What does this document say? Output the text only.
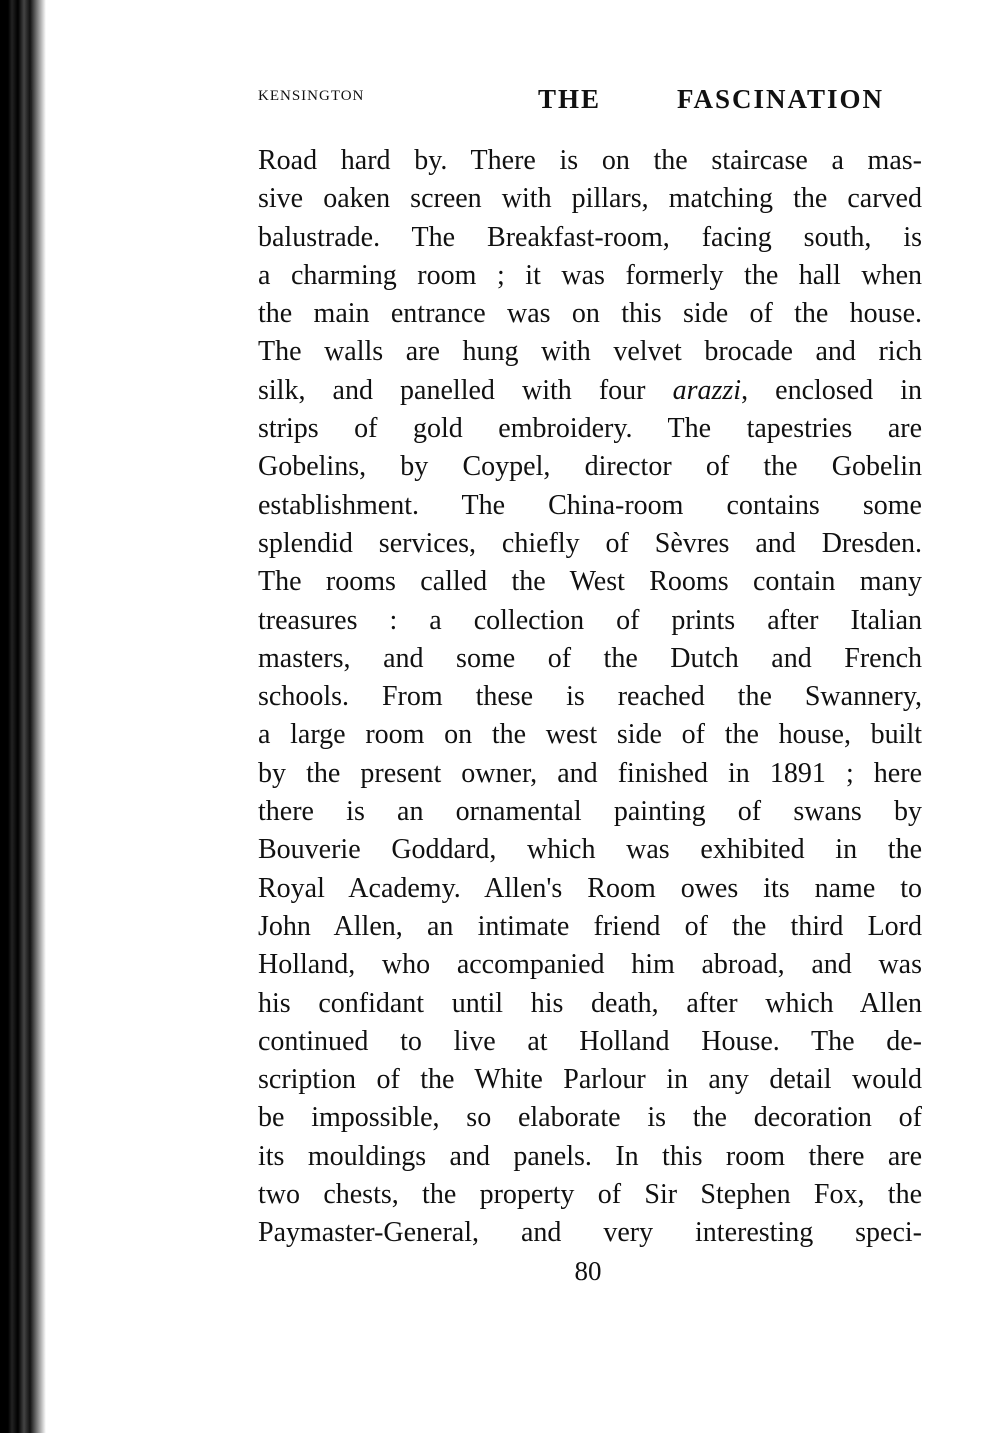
KENSINGTON	THE FASCINATION
Road hard by. There is on the staircase a mas-
sive oaken screen with pillars, matching the carved
balustrade. The Breakfast-room, facing south, is
a charming room ; it was formerly the hall when
the main entrance was on this side of the house.
The walls are hung with velvet brocade and rich
silk, and panelled with four arazzi, enclosed in
strips of gold embroidery. The tapestries are
Gobelins, by Coypel, director of the Gobelin
establishment. The China-room contains some
splendid services, chiefly of Sèvres and Dresden.
The rooms called the West Rooms contain many
treasures : a collection of prints after Italian
masters, and some of the Dutch and French
schools. From these is reached the Swannery,
a large room on the west side of the house, built
by the present owner, and finished in 1891 ; here
there is an ornamental painting of swans by
Bouverie Goddard, which was exhibited in the
Royal Academy. Allen's Room owes its name to
John Allen, an intimate friend of the third Lord
Holland, who accompanied him abroad, and was
his confidant until his death, after which Allen
continued to live at Holland House. The de-
scription of the White Parlour in any detail would
be impossible, so elaborate is the decoration of
its mouldings and panels. In this room there are
two chests, the property of Sir Stephen Fox, the
Paymaster-General, and very interesting speci-
80
